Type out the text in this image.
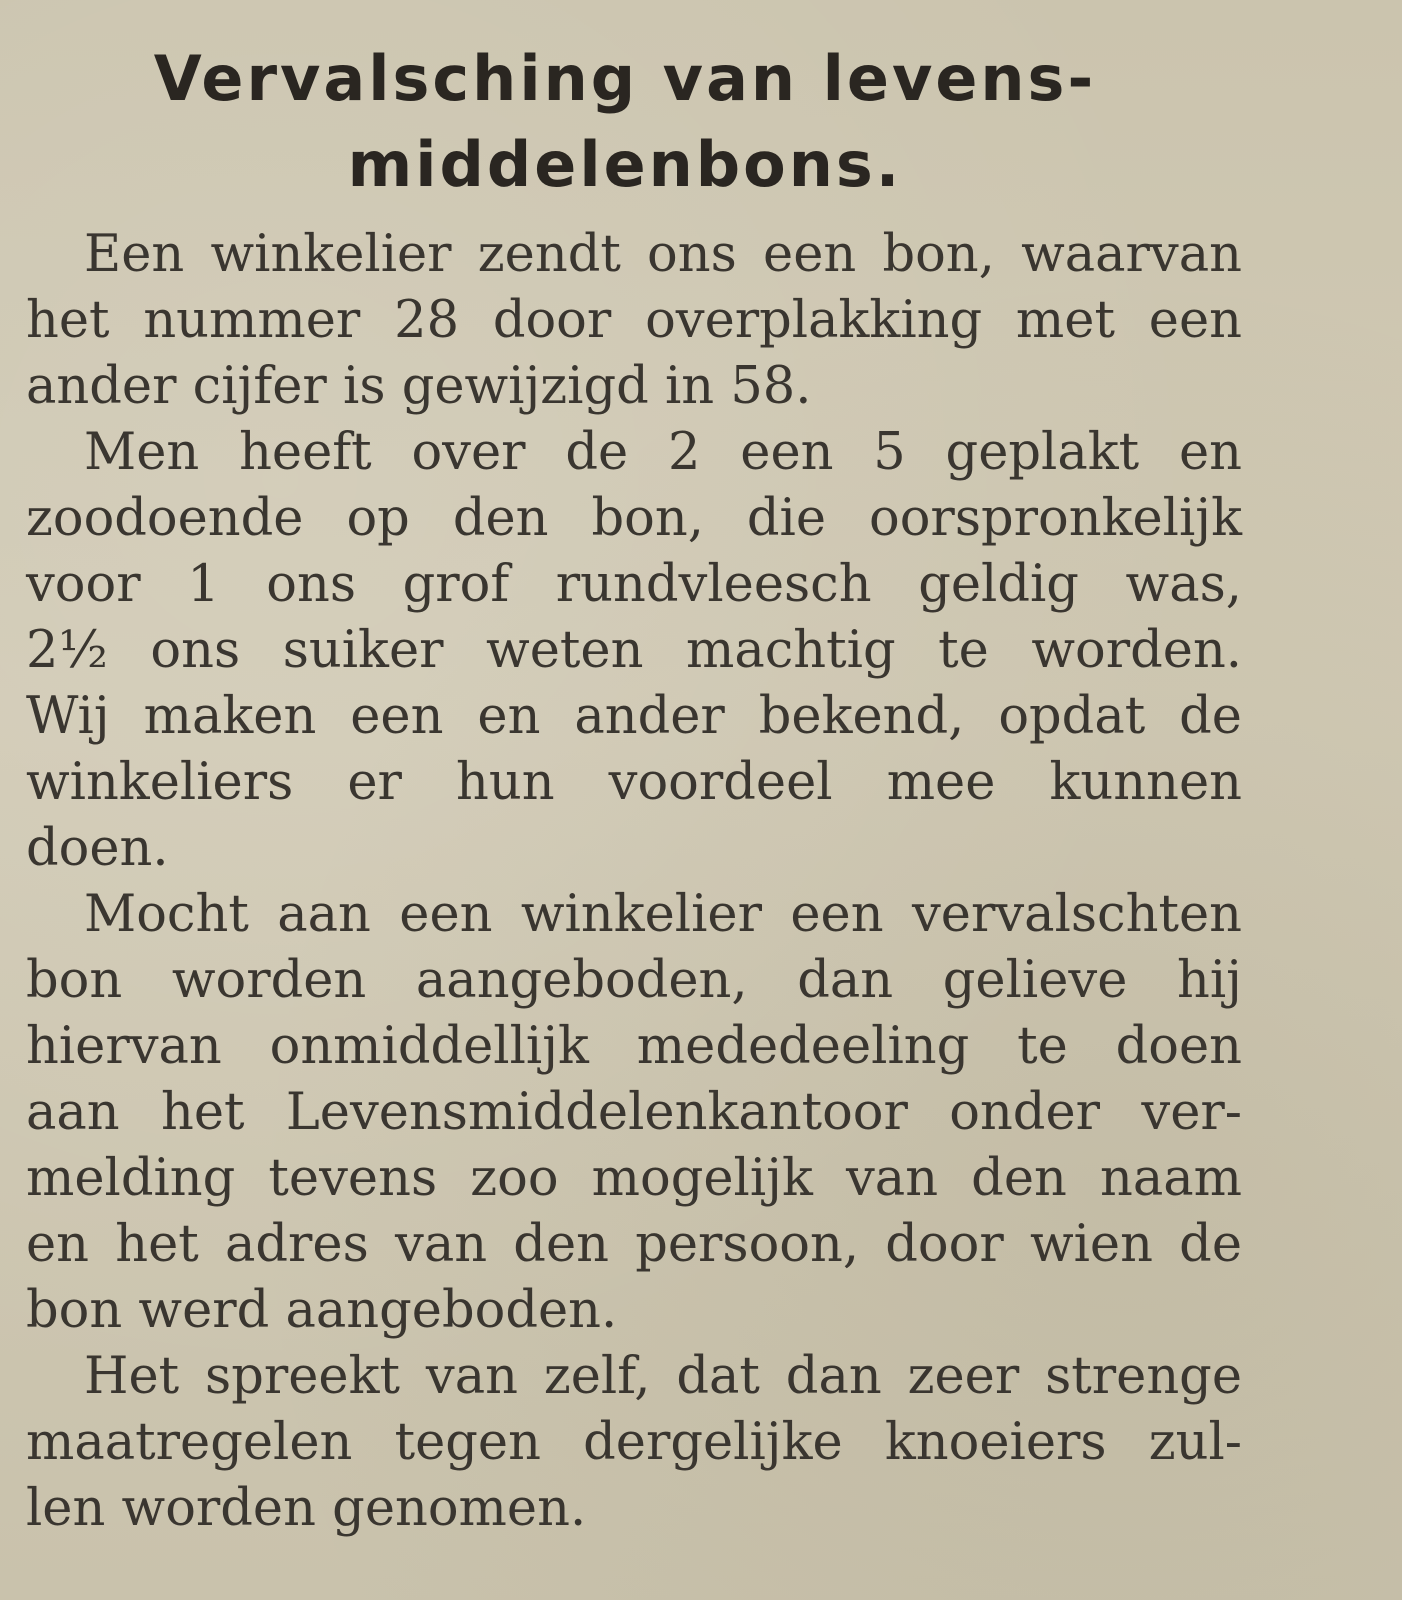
Vervalsching van levens-
middelenbons.
Een winkelier zendt ons een bon, waarvan
het nummer 28 door overplakking met een
ander cijfer is gewijzigd in 58.
Men heeft over de 2 een 5 geplakt en
zoodoende op den bon, die oorspronkelijk
voor 1 ons grof rundvleesch geldig was,
2½ ons suiker weten machtig te worden.
Wij maken een en ander bekend, opdat de
winkeliers er hun voordeel mee kunnen
doen.
Mocht aan een winkelier een vervalschten
bon worden aangeboden, dan gelieve hij
hiervan onmiddellijk mededeeling te doen
aan het Levensmiddelenkantoor onder ver-
melding tevens zoo mogelijk van den naam
en het adres van den persoon, door wien de
bon werd aangeboden.
Het spreekt van zelf, dat dan zeer strenge
maatregelen tegen dergelijke knoeiers zul-
len worden genomen.
